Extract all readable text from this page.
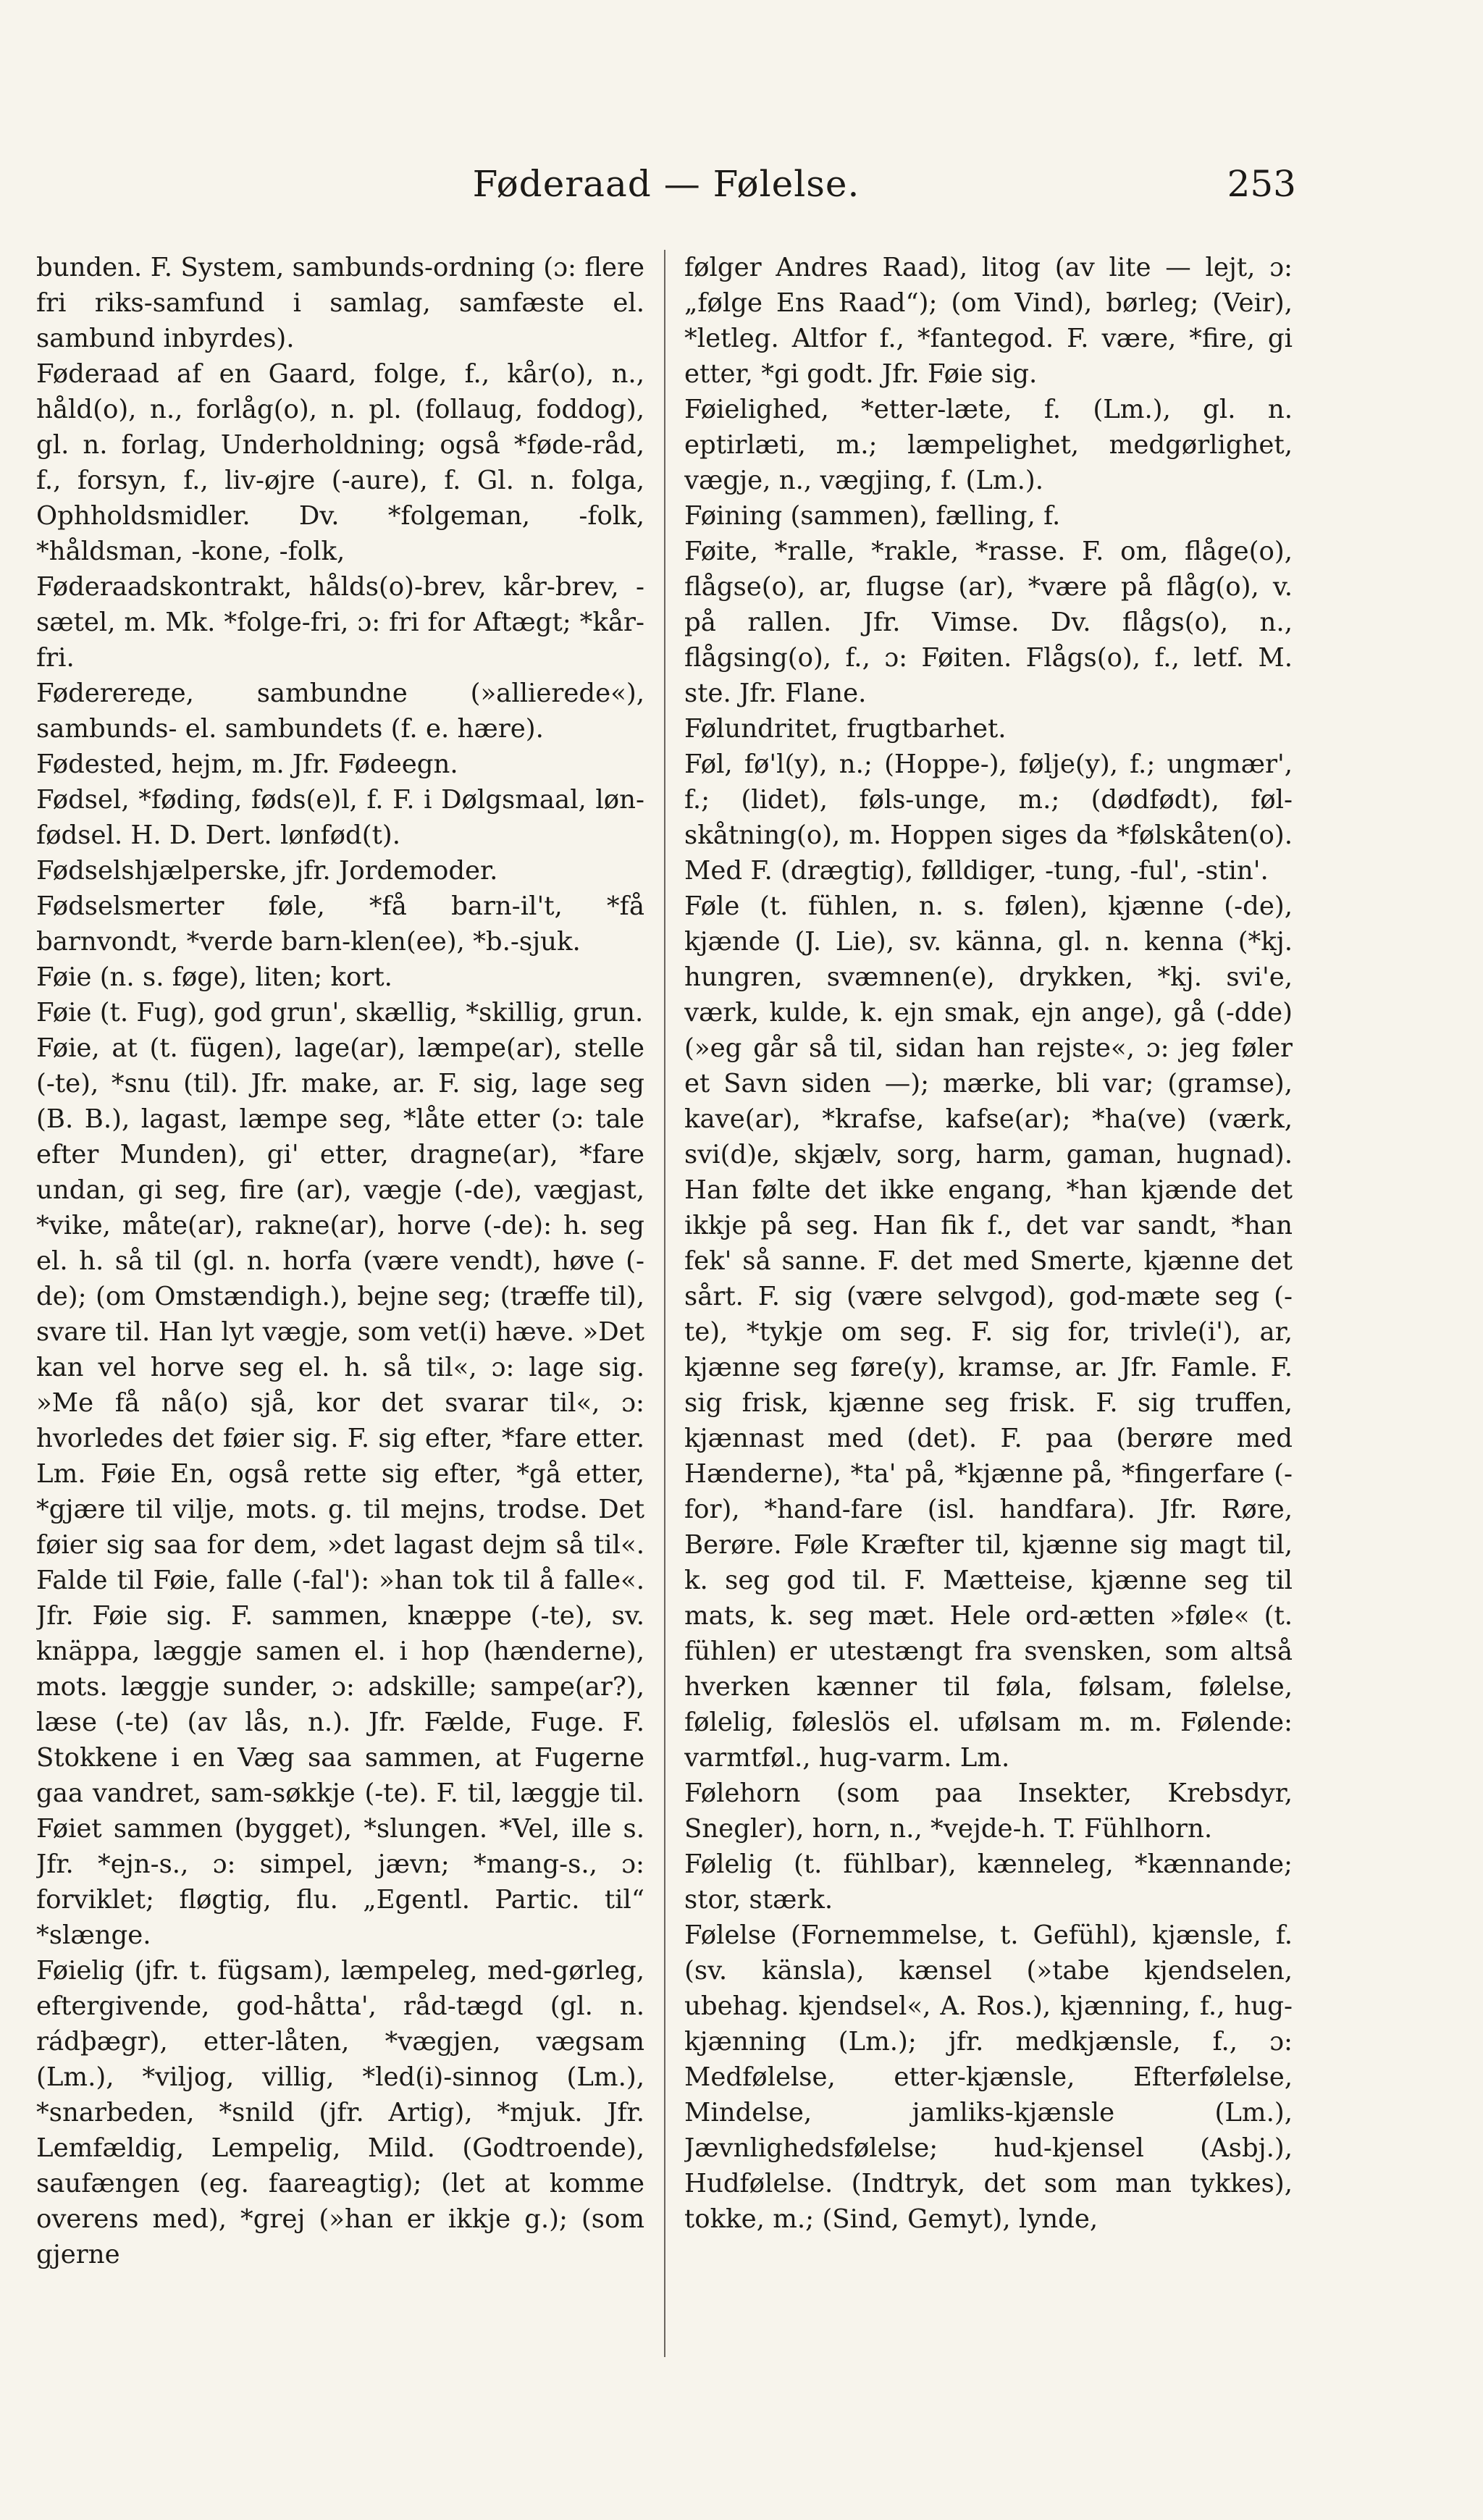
Føderaad — Følelse.	253

bunden. F. System, sambunds-ordning (ɔ: flere fri riks-samfund i samlag, samfæste el. sambund inbyrdes).

Føderaad af en Gaard, folge, f., kår(o), n., håld(o), n., forlåg(o), n. pl. (follaug, foddog), gl. n. forlag, Underholdning; også *føde-råd, f., forsyn, f., liv-øjre (-aure), f. Gl. n. folga, Ophholdsmidler. Dv. *folgeman, -folk, *håldsman, -kone, -folk,

Føderaadskontrakt, hålds(o)-brev, kår-brev, -sætel, m. Mk. *folge-fri, ɔ: fri for Aftægt; *kår-fri.

Føderereде, sambundne (»allierede«), sambunds- el. sambundets (f. e. hære).

Fødested, hejm, m. Jfr. Fødeegn.

Fødsel, *føding, føds(e)l, f. F. i Dølgsmaal, løn-fødsel. H. D. Dert. lønfød(t).

Fødselshjælperske, jfr. Jordemoder.

Fødselsmerter føle, *få barn-il't, *få barnvondt, *verde barn-klen(ee), *b.-sjuk.

Føie (n. s. føge), liten; kort.

Føie (t. Fug), god grun', skællig, *skillig, grun.

Føie, at (t. fügen), lage(ar), læmpe(ar), stelle (-te), *snu (til). Jfr. make, ar. F. sig, lage seg (B. B.), lagast, læmpe seg, *låte etter (ɔ: tale efter Munden), gi' etter, dragne(ar), *fare undan, gi seg, fire (ar), vægje (-de), vægjast, *vike, måte(ar), rakne(ar), horve (-de): h. seg el. h. så til (gl. n. horfa (være vendt), høve (-de); (om Omstændigh.), bejne seg; (træffe til), svare til. Han lyt vægje, som vet(i) hæve. »Det kan vel horve seg el. h. så til«, ɔ: lage sig. »Me få nå(o) sjå, kor det svarar til«, ɔ: hvorledes det føier sig. F. sig efter, *fare etter. Lm. Føie En, også rette sig efter, *gå etter, *gjære til vilje, mots. g. til mejns, trodse. Det føier sig saa for dem, »det lagast dejm så til«. Falde til Føie, falle (-fal'): »han tok til å falle«. Jfr. Føie sig. F. sammen, knæppe (-te), sv. knäppa, læggje samen el. i hop (hænderne), mots. læggje sunder, ɔ: adskille; sampe(ar?), læse (-te) (av lås, n.). Jfr. Fælde, Fuge. F. Stokkene i en Væg saa sammen, at Fugerne gaa vandret, sam-søkkje (-te). F. til, læggje til. Føiet sammen (bygget), *slungen. *Vel, ille s. Jfr. *ejn-s., ɔ: simpel, jævn; *mang-s., ɔ: forviklet; fløgtig, flu. „Egentl. Partic. til“ *slænge.

Føielig (jfr. t. fügsam), læmpeleg, med-gørleg, eftergivende, god-håtta', råd-tægd (gl. n. rádþægr), etter-låten, *vægjen, vægsam (Lm.), *viljog, villig, *led(i)-sinnog (Lm.), *snarbeden, *snild (jfr. Artig), *mjuk. Jfr. Lemfældig, Lempelig, Mild. (Godtroende), saufængen (eg. faareagtig); (let at komme overens med), *grej (»han er ikkje g.); (som gjerne

følger Andres Raad), litog (av lite — lejt, ɔ: „følge Ens Raad“); (om Vind), børleg; (Veir), *letleg. Altfor f., *fantegod. F. være, *fire, gi etter, *gi godt. Jfr. Føie sig.

Føielighed, *etter-læte, f. (Lm.), gl. n. eptirlæti, m.; læmpelighet, medgørlighet, vægje, n., vægjing, f. (Lm.).

Føining (sammen), fælling, f.

Føite, *ralle, *rakle, *rasse. F. om, flåge(o), flågse(o), ar, flugse (ar), *være på flåg(o), v. på rallen. Jfr. Vimse. Dv. flågs(o), n., flågsing(o), f., ɔ: Føiten. Flågs(o), f., letf. M. ste. Jfr. Flane.

Følundritet, frugtbarhet.

Føl, fø'l(y), n.; (Hoppe-), følje(y), f.; ungmær', f.; (lidet), føls-unge, m.; (dødfødt), føl-skåtning(o), m. Hoppen siges da *følskåten(o). Med F. (drægtig), følldiger, -tung, -ful', -stin'.

Føle (t. fühlen, n. s. følen), kjænne (-de), kjænde (J. Lie), sv. känna, gl. n. kenna (*kj. hungren, svæmnen(e), drykken, *kj. svi'e, værk, kulde, k. ejn smak, ejn ange), gå (-dde) (»eg går så til, sidan han rejste«, ɔ: jeg føler et Savn siden —); mærke, bli var; (gramse), kave(ar), *krafse, kafse(ar); *ha(ve) (værk, svi(d)e, skjælv, sorg, harm, gaman, hugnad). Han følte det ikke engang, *han kjænde det ikkje på seg. Han fik f., det var sandt, *han fek' så sanne. F. det med Smerte, kjænne det sårt. F. sig (være selvgod), god-mæte seg (-te), *tykje om seg. F. sig for, trivle(i'), ar, kjænne seg føre(y), kramse, ar. Jfr. Famle. F. sig frisk, kjænne seg frisk. F. sig truffen, kjænnast med (det). F. paa (berøre med Hænderne), *ta' på, *kjænne på, *fingerfare (-for), *hand-fare (isl. handfara). Jfr. Røre, Berøre. Føle Kræfter til, kjænne sig magt til, k. seg god til. F. Mætteise, kjænne seg til mats, k. seg mæt. Hele ord-ætten »føle« (t. fühlen) er utestængt fra svensken, som altså hverken kænner til føla, følsam, følelse, følelig, føleslös el. ufølsam m. m. Følende: varmtføl., hug-varm. Lm.

Følehorn (som paa Insekter, Krebsdyr, Snegler), horn, n., *vejde-h. T. Fühlhorn.

Følelig (t. fühlbar), kænneleg, *kænnande; stor, stærk.

Følelse (Fornemmelse, t. Gefühl), kjænsle, f. (sv. känsla), kænsel (»tabe kjendselen, ubehag. kjendsel«, A. Ros.), kjænning, f., hug-kjænning (Lm.); jfr. medkjænsle, f., ɔ: Medfølelse, etter-kjænsle, Efterfølelse, Mindelse, jamliks-kjænsle (Lm.), Jævnlighedsfølelse; hud-kjensel (Asbj.), Hudfølelse. (Indtryk, det som man tykkes), tokke, m.; (Sind, Gemyt), lynde,
